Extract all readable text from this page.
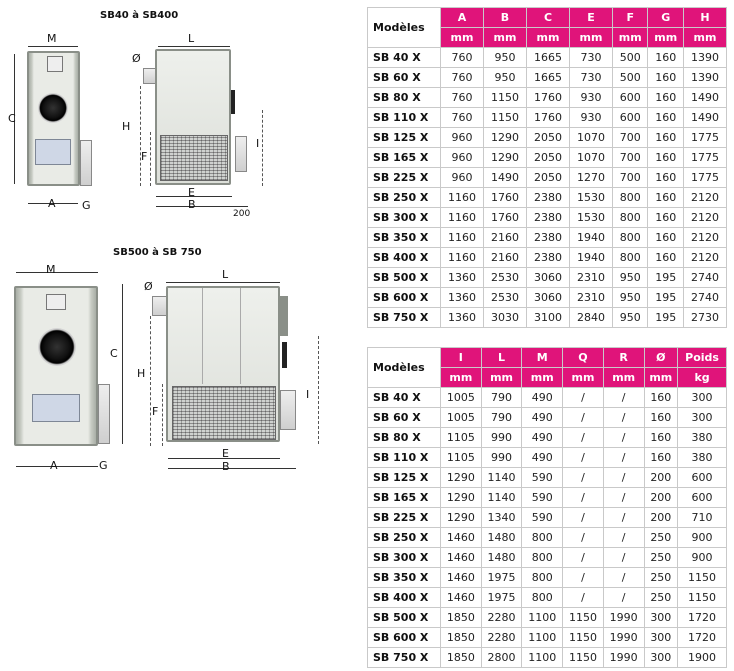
SB40 à SB400
M
C
A G
L
Ø
H
F
I
E
B
200
SB500 à SB 750
M
C
A	G
L
Ø
H
F
I
E
B
Modèles	A	B	C	E	F	G	H
	mm	mm	mm	mm	mm	mm	mm
SB 40 X	760	950	1665	730	500	160	1390
SB 60 X	760	950	1665	730	500	160	1390
SB 80 X	760	1150	1760	930	600	160	1490
SB 110 X	760	1150	1760	930	600	160	1490
SB 125 X	960	1290	2050	1070	700	160	1775
SB 165 X	960	1290	2050	1070	700	160	1775
SB 225 X	960	1490	2050	1270	700	160	1775
SB 250 X	1160	1760	2380	1530	800	160	2120
SB 300 X	1160	1760	2380	1530	800	160	2120
SB 350 X	1160	2160	2380	1940	800	160	2120
SB 400 X	1160	2160	2380	1940	800	160	2120
SB 500 X	1360	2530	3060	2310	950	195	2740
SB 600 X	1360	2530	3060	2310	950	195	2740
SB 750 X	1360	3030	3100	2840	950	195	2730
Modèles	I	L	M	Q	R	Ø	Poids
	mm	mm	mm	mm	mm	mm	kg
SB 40 X	1005	790	490	/	/	160	300
SB 60 X	1005	790	490	/	/	160	300
SB 80 X	1105	990	490	/	/	160	380
SB 110 X	1105	990	490	/	/	160	380
SB 125 X	1290	1140	590	/	/	200	600
SB 165 X	1290	1140	590	/	/	200	600
SB 225 X	1290	1340	590	/	/	200	710
SB 250 X	1460	1480	800	/	/	250	900
SB 300 X	1460	1480	800	/	/	250	900
SB 350 X	1460	1975	800	/	/	250	1150
SB 400 X	1460	1975	800	/	/	250	1150
SB 500 X	1850	2280	1100	1150	1990	300	1720
SB 600 X	1850	2280	1100	1150	1990	300	1720
SB 750 X	1850	2800	1100	1150	1990	300	1900
